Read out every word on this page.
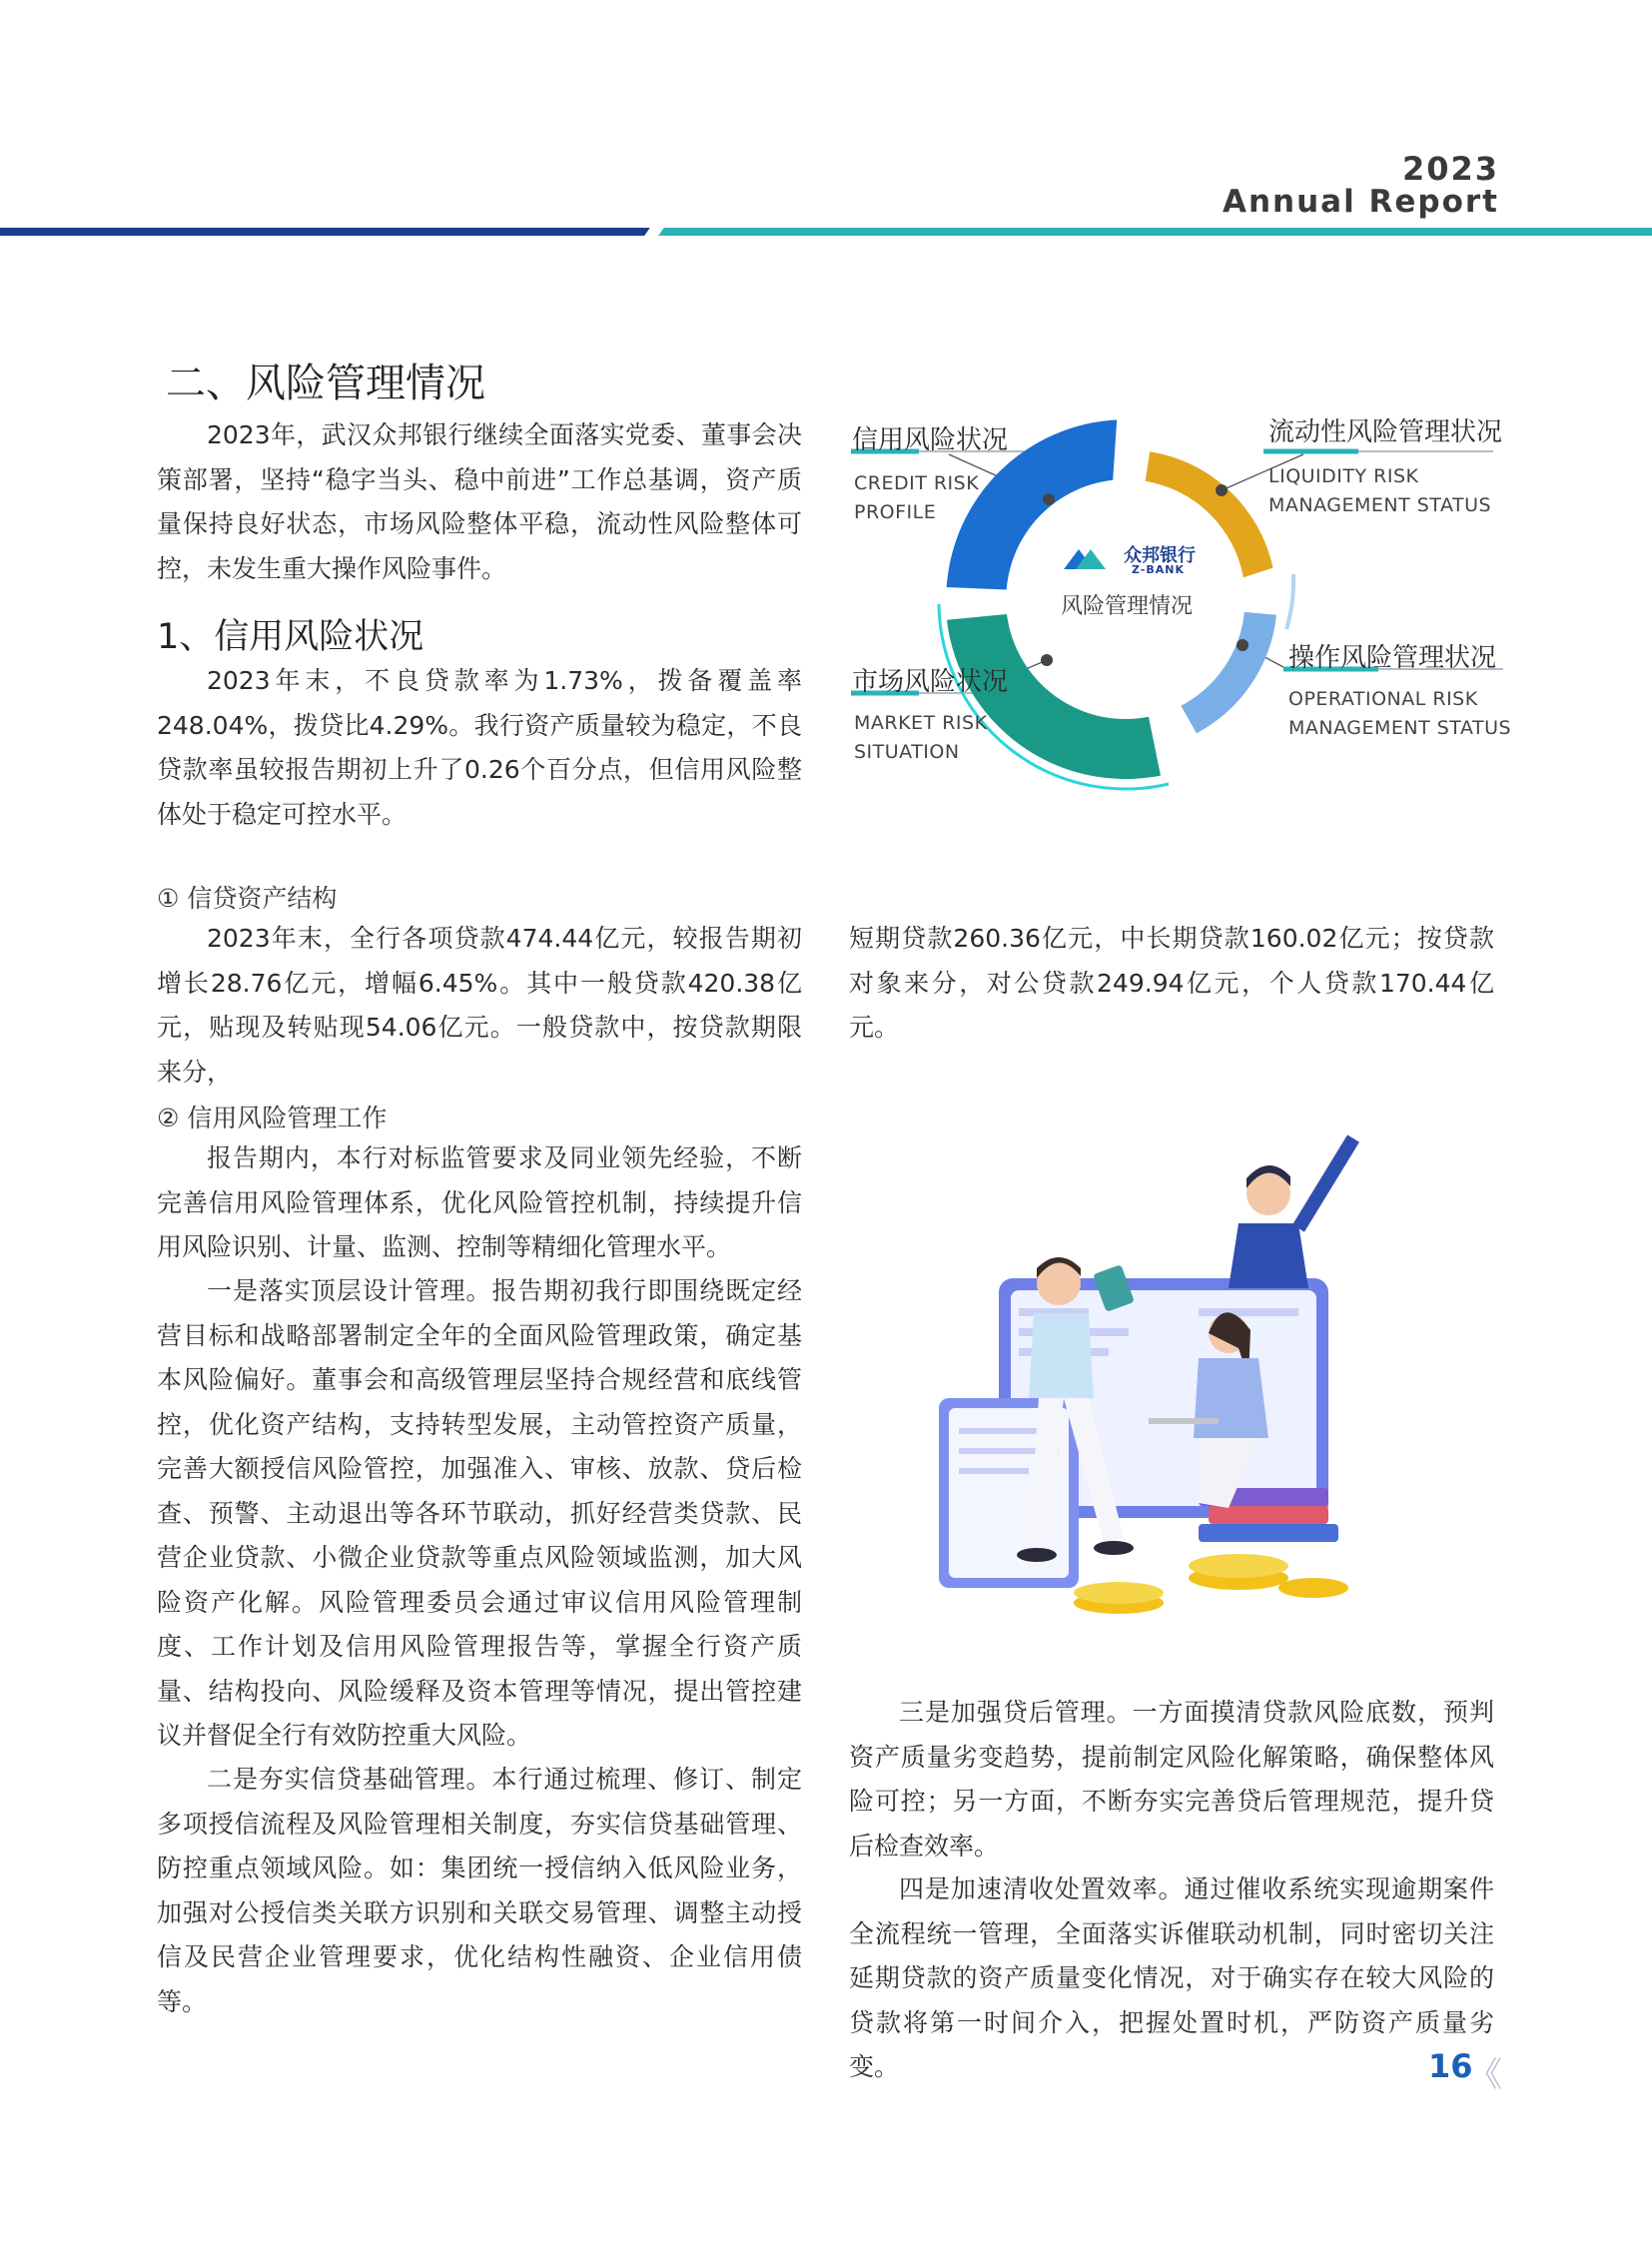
2023
Annual Report
二、风险管理情况

2023年，武汉众邦银行继续全面落实党委、董事会决策部署，坚持“稳字当头、稳中前进”工作总基调，资产质量保持良好状态，市场风险整体平稳，流动性风险整体可控，未发生重大操作风险事件。

1、信用风险状况

2023年末，不良贷款率为1.73%，拨备覆盖率248.04%，拨贷比4.29%。我行资产质量较为稳定，不良贷款率虽较报告期初上升了0.26个百分点，但信用风险整体处于稳定可控水平。

众邦银行
Z-BANK
风险管理情况
信用风险状况
CREDIT RISK
PROFILE
流动性风险管理状况
LIQUIDITY RISK
MANAGEMENT STATUS
市场风险状况
MARKET RISK
SITUATION
操作风险管理状况
OPERATIONAL RISK
MANAGEMENT STATUS
① 信贷资产结构

2023年末，全行各项贷款474.44亿元，较报告期初增长28.76亿元，增幅6.45%。其中一般贷款420.38亿元，贴现及转贴现54.06亿元。一般贷款中，按贷款期限来分，

短期贷款260.36亿元，中长期贷款160.02亿元；按贷款对象来分，对公贷款249.94亿元，个人贷款170.44亿元。

② 信用风险管理工作

报告期内，本行对标监管要求及同业领先经验，不断完善信用风险管理体系，优化风险管控机制，持续提升信用风险识别、计量、监测、控制等精细化管理水平。

一是落实顶层设计管理。报告期初我行即围绕既定经营目标和战略部署制定全年的全面风险管理政策，确定基本风险偏好。董事会和高级管理层坚持合规经营和底线管控，优化资产结构，支持转型发展，主动管控资产质量，完善大额授信风险管控，加强准入、审核、放款、贷后检查、预警、主动退出等各环节联动，抓好经营类贷款、民营企业贷款、小微企业贷款等重点风险领域监测，加大风险资产化解。风险管理委员会通过审议信用风险管理制度、工作计划及信用风险管理报告等，掌握全行资产质量、结构投向、风险缓释及资本管理等情况，提出管控建议并督促全行有效防控重大风险。

二是夯实信贷基础管理。本行通过梳理、修订、制定多项授信流程及风险管理相关制度，夯实信贷基础管理、防控重点领域风险。如：集团统一授信纳入低风险业务，加强对公授信类关联方识别和关联交易管理、调整主动授信及民营企业管理要求，优化结构性融资、企业信用债等。

三是加强贷后管理。一方面摸清贷款风险底数，预判资产质量劣变趋势，提前制定风险化解策略，确保整体风险可控；另一方面，不断夯实完善贷后管理规范，提升贷后检查效率。

四是加速清收处置效率。通过催收系统实现逾期案件全流程统一管理，全面落实诉催联动机制，同时密切关注延期贷款的资产质量变化情况，对于确实存在较大风险的贷款将第一时间介入，把握处置时机，严防资产质量劣变。	16
《
